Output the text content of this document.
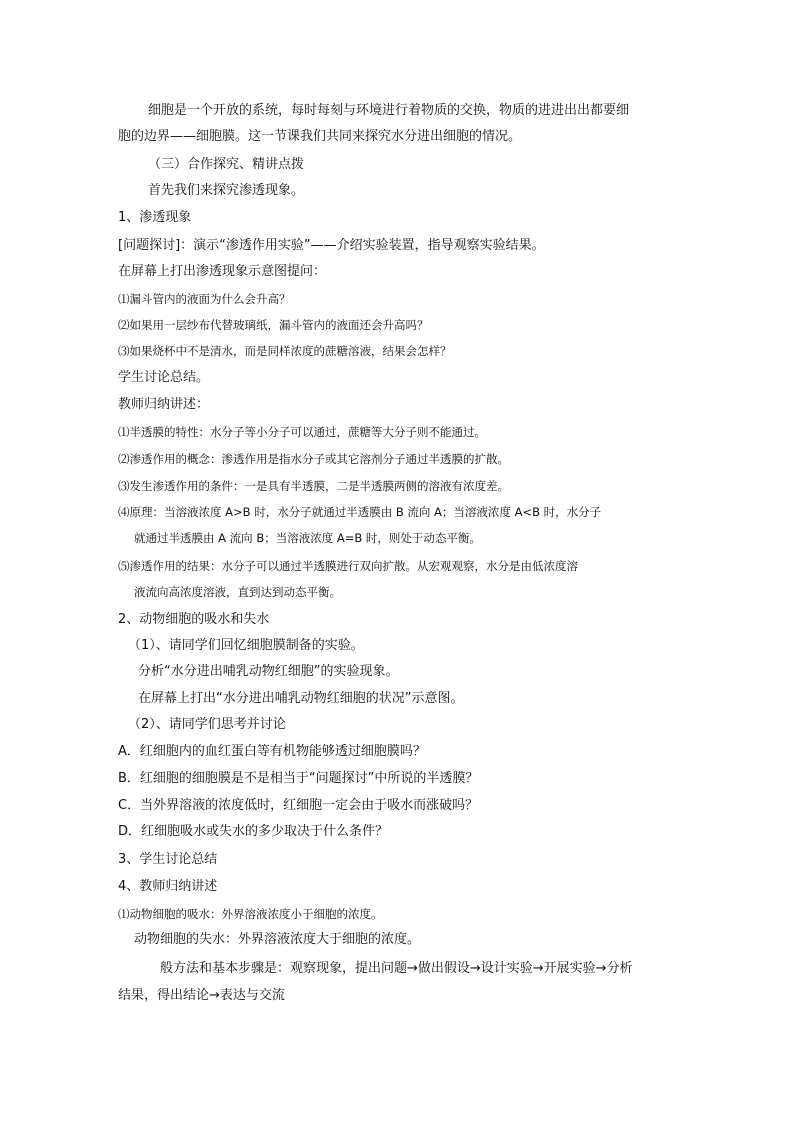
细胞是一个开放的系统，每时每刻与环境进行着物质的交换，物质的进进出出都要细
胞的边界——细胞膜。这一节课我们共同来探究水分进出细胞的情况。
（三）合作探究、精讲点拨
首先我们来探究渗透现象。
1、渗透现象
[问题探讨]：演示“渗透作用实验”——介绍实验装置，指导观察实验结果。
在屏幕上打出渗透现象示意图提问：
⑴漏斗管内的液面为什么会升高？
⑵如果用一层纱布代替玻璃纸，漏斗管内的液面还会升高吗？
⑶如果烧杯中不是清水，而是同样浓度的蔗糖溶液，结果会怎样？
学生讨论总结。
教师归纳讲述：
⑴半透膜的特性：水分子等小分子可以通过，蔗糖等大分子则不能通过。
⑵渗透作用的概念：渗透作用是指水分子或其它溶剂分子通过半透膜的扩散。
⑶发生渗透作用的条件：一是具有半透膜，二是半透膜两侧的溶液有浓度差。
⑷原理：当溶液浓度 A>B 时，水分子就通过半透膜由 B 流向 A；当溶液浓度 A<B 时，水分子
就通过半透膜由 A 流向 B；当溶液浓度 A=B 时，则处于动态平衡。
⑸渗透作用的结果：水分子可以通过半透膜进行双向扩散。从宏观观察，水分是由低浓度溶
液流向高浓度溶液，直到达到动态平衡。
2、动物细胞的吸水和失水
（1）、请同学们回忆细胞膜制备的实验。
分析“水分进出哺乳动物红细胞”的实验现象。
在屏幕上打出“水分进出哺乳动物红细胞的状况”示意图。
（2）、请同学们思考并讨论
A．红细胞内的血红蛋白等有机物能够透过细胞膜吗？
B．红细胞的细胞膜是不是相当于“问题探讨”中所说的半透膜？
C．当外界溶液的浓度低时，红细胞一定会由于吸水而涨破吗？
D．红细胞吸水或失水的多少取决于什么条件？
3、学生讨论总结
4、教师归纳讲述
⑴动物细胞的吸水：外界溶液浓度小于细胞的浓度。
动物细胞的失水：外界溶液浓度大于细胞的浓度。
般方法和基本步骤是：观察现象，提出问题→做出假设→设计实验→开展实验→分析
结果，得出结论→表达与交流
